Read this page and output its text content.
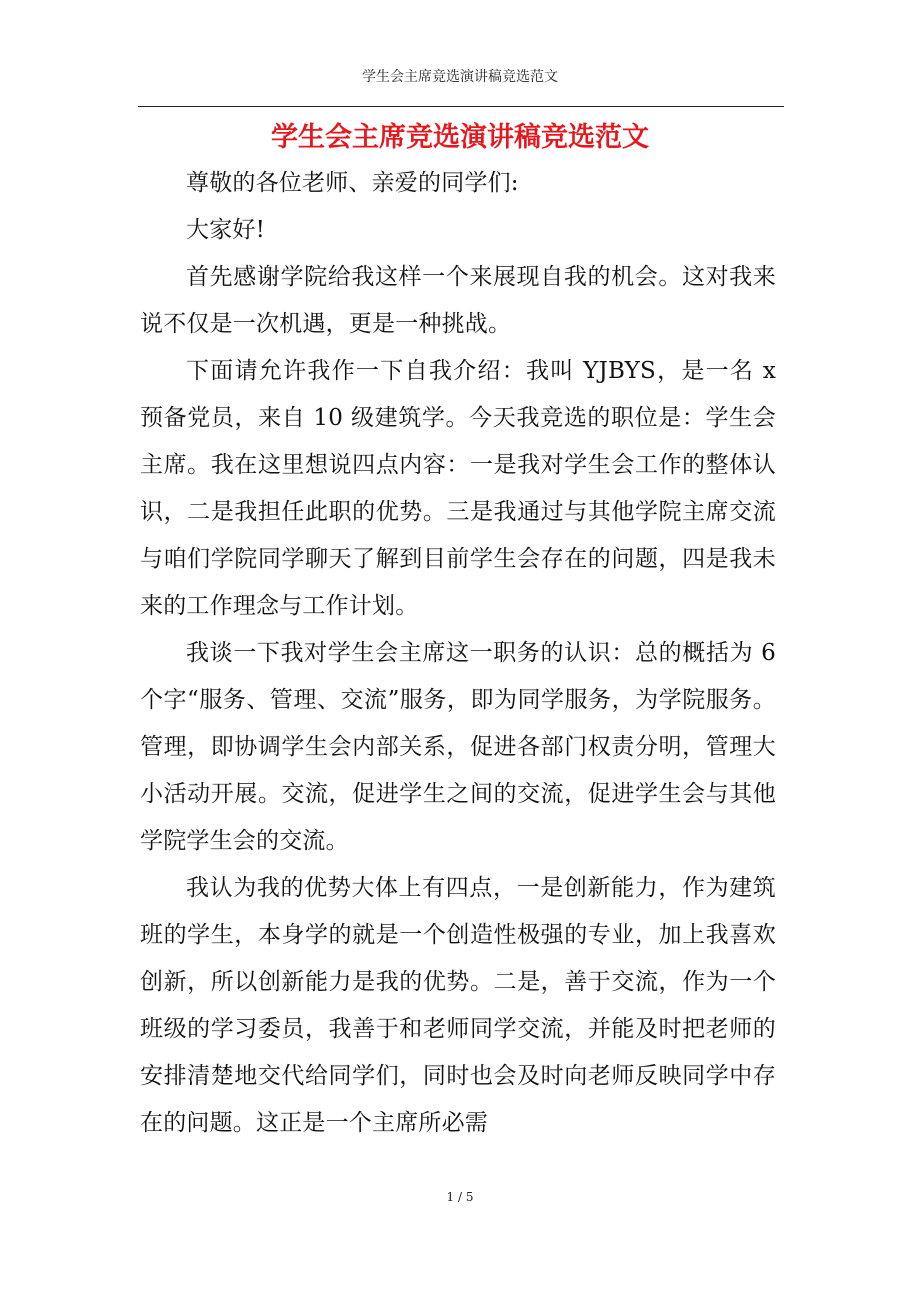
学生会主席竞选演讲稿竞选范文
学生会主席竞选演讲稿竞选范文

尊敬的各位老师、亲爱的同学们:

大家好!

首先感谢学院给我这样一个来展现自我的机会。这对我来说不仅是一次机遇，更是一种挑战。

下面请允许我作一下自我介绍：我叫 YJBYS，是一名 x 预备党员，来自 10 级建筑学。今天我竞选的职位是：学生会主席。我在这里想说四点内容：一是我对学生会工作的整体认识，二是我担任此职的优势。三是我通过与其他学院主席交流与咱们学院同学聊天了解到目前学生会存在的问题，四是我未来的工作理念与工作计划。

我谈一下我对学生会主席这一职务的认识：总的概括为 6 个字“服务、管理、交流”服务，即为同学服务，为学院服务。管理，即协调学生会内部关系，促进各部门权责分明，管理大小活动开展。交流，促进学生之间的交流，促进学生会与其他学院学生会的交流。

我认为我的优势大体上有四点，一是创新能力，作为建筑班的学生，本身学的就是一个创造性极强的专业，加上我喜欢创新，所以创新能力是我的优势。二是，善于交流，作为一个班级的学习委员，我善于和老师同学交流，并能及时把老师的安排清楚地交代给同学们，同时也会及时向老师反映同学中存在的问题。这正是一个主席所必需

1 / 5
